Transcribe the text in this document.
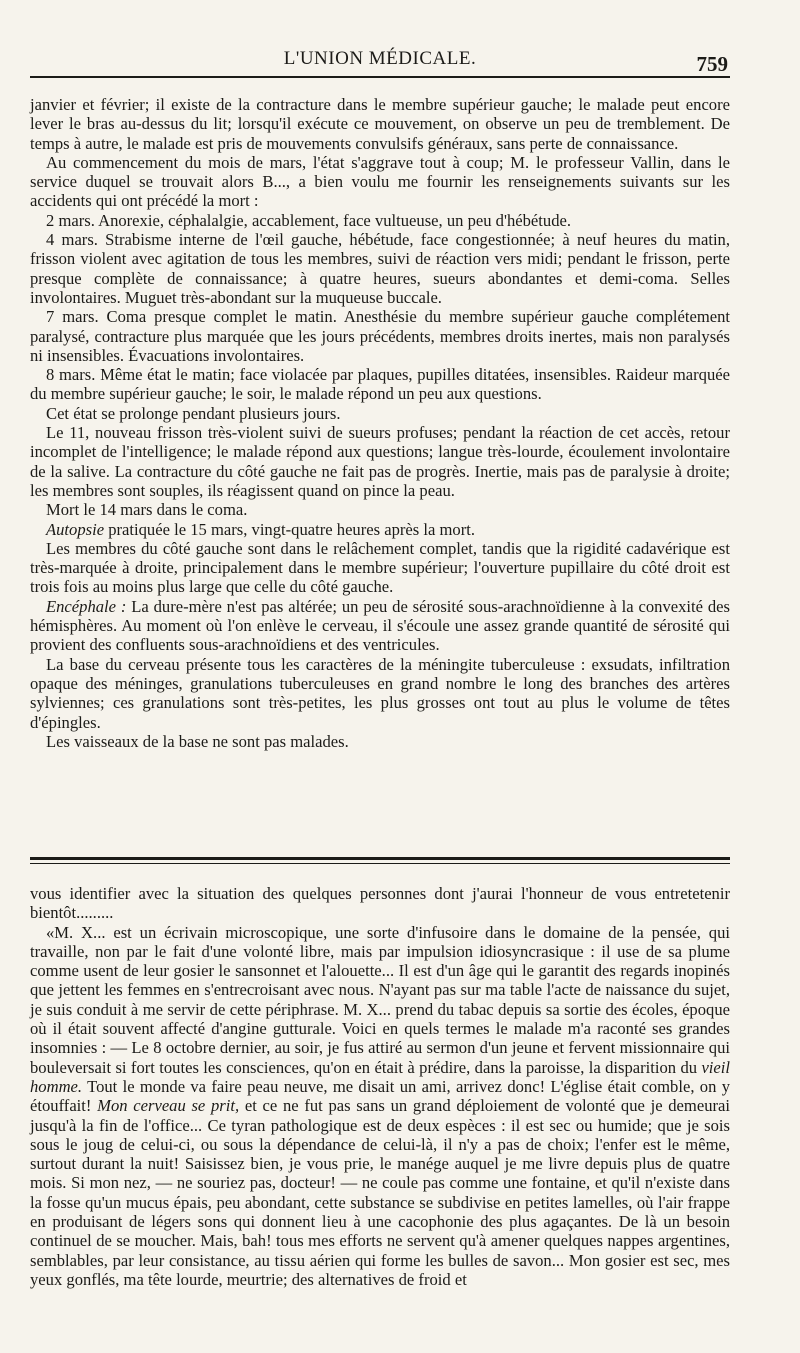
L'UNION MÉDICALE.	759

janvier et février; il existe de la contracture dans le membre supérieur gauche; le malade peut encore lever le bras au-dessus du lit; lorsqu'il exécute ce mouvement, on observe un peu de tremblement. De temps à autre, le malade est pris de mouvements convulsifs généraux, sans perte de connaissance.

Au commencement du mois de mars, l'état s'aggrave tout à coup; M. le professeur Vallin, dans le service duquel se trouvait alors B..., a bien voulu me fournir les renseignements suivants sur les accidents qui ont précédé la mort :

2 mars. Anorexie, céphalalgie, accablement, face vultueuse, un peu d'hébétude.

4 mars. Strabisme interne de l'œil gauche, hébétude, face congestionnée; à neuf heures du matin, frisson violent avec agitation de tous les membres, suivi de réaction vers midi; pendant le frisson, perte presque complète de connaissance; à quatre heures, sueurs abondantes et demi-coma. Selles involontaires. Muguet très-abondant sur la muqueuse buccale.

7 mars. Coma presque complet le matin. Anesthésie du membre supérieur gauche complétement paralysé, contracture plus marquée que les jours précédents, membres droits inertes, mais non paralysés ni insensibles. Évacuations involontaires.

8 mars. Même état le matin; face violacée par plaques, pupilles ditatées, insensibles. Raideur marquée du membre supérieur gauche; le soir, le malade répond un peu aux questions.

Cet état se prolonge pendant plusieurs jours.

Le 11, nouveau frisson très-violent suivi de sueurs profuses; pendant la réaction de cet accès, retour incomplet de l'intelligence; le malade répond aux questions; langue très-lourde, écoulement involontaire de la salive. La contracture du côté gauche ne fait pas de progrès. Inertie, mais pas de paralysie à droite; les membres sont souples, ils réagissent quand on pince la peau.

Mort le 14 mars dans le coma.

Autopsie pratiquée le 15 mars, vingt-quatre heures après la mort.

Les membres du côté gauche sont dans le relâchement complet, tandis que la rigidité cadavérique est très-marquée à droite, principalement dans le membre supérieur; l'ouverture pupillaire du côté droit est trois fois au moins plus large que celle du côté gauche.

Encéphale : La dure-mère n'est pas altérée; un peu de sérosité sous-arachnoïdienne à la convexité des hémisphères. Au moment où l'on enlève le cerveau, il s'écoule une assez grande quantité de sérosité qui provient des confluents sous-arachnoïdiens et des ventricules.

La base du cerveau présente tous les caractères de la méningite tuberculeuse : exsudats, infiltration opaque des méninges, granulations tuberculeuses en grand nombre le long des branches des artères sylviennes; ces granulations sont très-petites, les plus grosses ont tout au plus le volume de têtes d'épingles.

Les vaisseaux de la base ne sont pas malades.

vous identifier avec la situation des quelques personnes dont j'aurai l'honneur de vous entretetenir bientôt.........

«M. X... est un écrivain microscopique, une sorte d'infusoire dans le domaine de la pensée, qui travaille, non par le fait d'une volonté libre, mais par impulsion idiosyncrasique : il use de sa plume comme usent de leur gosier le sansonnet et l'alouette... Il est d'un âge qui le garantit des regards inopinés que jettent les femmes en s'entrecroisant avec nous. N'ayant pas sur ma table l'acte de naissance du sujet, je suis conduit à me servir de cette périphrase. M. X... prend du tabac depuis sa sortie des écoles, époque où il était souvent affecté d'angine gutturale. Voici en quels termes le malade m'a raconté ses grandes insomnies : — Le 8 octobre dernier, au soir, je fus attiré au sermon d'un jeune et fervent missionnaire qui bouleversait si fort toutes les consciences, qu'on en était à prédire, dans la paroisse, la disparition du vieil homme. Tout le monde va faire peau neuve, me disait un ami, arrivez donc! L'église était comble, on y étouffait! Mon cerveau se prit, et ce ne fut pas sans un grand déploiement de volonté que je demeurai jusqu'à la fin de l'office... Ce tyran pathologique est de deux espèces : il est sec ou humide; que je sois sous le joug de celui-ci, ou sous la dépendance de celui-là, il n'y a pas de choix; l'enfer est le même, surtout durant la nuit! Saisissez bien, je vous prie, le manége auquel je me livre depuis plus de quatre mois. Si mon nez, — ne souriez pas, docteur! — ne coule pas comme une fontaine, et qu'il n'existe dans la fosse qu'un mucus épais, peu abondant, cette substance se subdivise en petites lamelles, où l'air frappe en produisant de légers sons qui donnent lieu à une cacophonie des plus agaçantes. De là un besoin continuel de se moucher. Mais, bah! tous mes efforts ne servent qu'à amener quelques nappes argentines, semblables, par leur consistance, au tissu aérien qui forme les bulles de savon... Mon gosier est sec, mes yeux gonflés, ma tête lourde, meurtrie; des alternatives de froid et
